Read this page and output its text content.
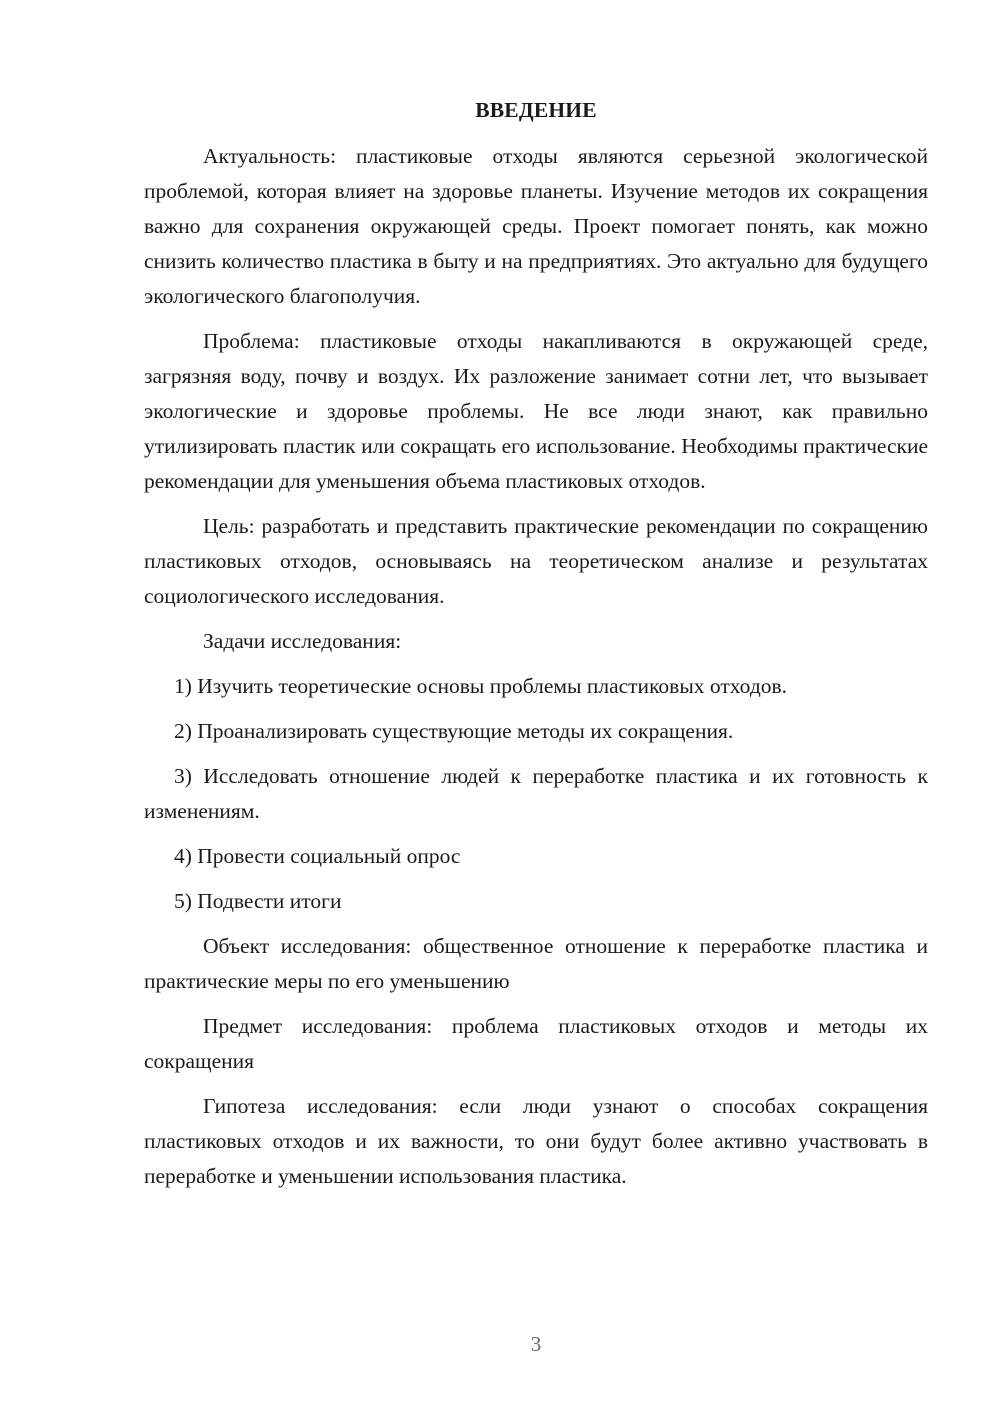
ВВЕДЕНИЕ

Актуальность: пластиковые отходы являются серьезной экологической проблемой, которая влияет на здоровье планеты. Изучение методов их сокращения важно для сохранения окружающей среды. Проект помогает понять, как можно снизить количество пластика в быту и на предприятиях. Это актуально для будущего экологического благополучия.

Проблема: пластиковые отходы накапливаются в окружающей среде, загрязняя воду, почву и воздух. Их разложение занимает сотни лет, что вызывает экологические и здоровье проблемы. Не все люди знают, как правильно утилизировать пластик или сокращать его использование. Необходимы практические рекомендации для уменьшения объема пластиковых отходов.

Цель: разработать и представить практические рекомендации по сокращению пластиковых отходов, основываясь на теоретическом анализе и результатах социологического исследования.

Задачи исследования:

1) Изучить теоретические основы проблемы пластиковых отходов.

2) Проанализировать существующие методы их сокращения.

3) Исследовать отношение людей к переработке пластика и их готовность к изменениям.

4) Провести социальный опрос

5) Подвести итоги

Объект исследования: общественное отношение к переработке пластика и практические меры по его уменьшению

Предмет исследования: проблема пластиковых отходов и методы их сокращения

Гипотеза исследования: если люди узнают о способах сокращения пластиковых отходов и их важности, то они будут более активно участвовать в переработке и уменьшении использования пластика.

3
